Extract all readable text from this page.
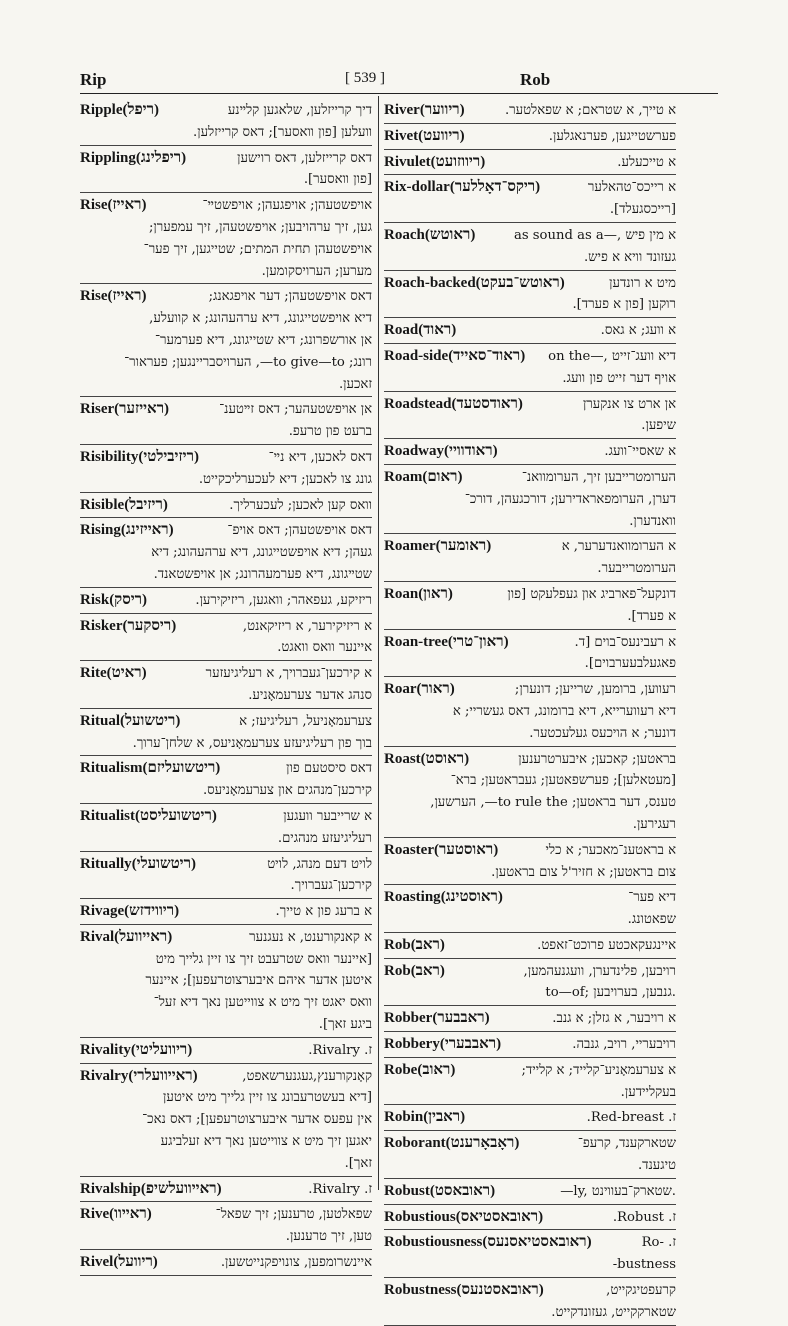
Rip	[ 539 ]	Rob
Ripple (ריפל)	דיך קרייזלען, שלאגען קלײנע
װעלען [פון װאסער]; דאס קרייזלען.
Rippling (ריפלינג)	דאס קרייזלען, דאס רוישען
[פון װאסער].
Rise (ראייז)	אויפשטעהן; אויפגעהן; אויפשטײ־
גען, זיך ערהויבען; אויפשטעהן, זיך עמפערן;
אויפשטעהן תחית המתים; שטייגען, זיך פער־
מערען; הערויסקומען.
Rise (ראייז)	דאס אויפשטעהן; דער אויפגאנג;
דיא אויפשטייגונג, דיא ערהעהונג; א קוועלע,
אן אורשפרונג; דיא שטייגונג, דיא פערמער־
רונג; to give—to—, הערויסבריינגען; פעראור־
זאכען.
Riser (ראייזער)	אן אויפשטעהער; דאס זײטענ־
ברעט פון טרעפ.
Risibility (ריזיבילטי)	דאס לאכען, דיא נײ־
גונג צו לאכען; דיא לעכערליכקייט.
Risible (ריזיבל)	וואס קען לאכען; לעכערליך.
Rising (ראייזינג)	דאס אויפשטעהן; דאס אויפ־
געהן; דיא אויפשטייגונג, דיא ערהעהונג; דיא
שטײגונג, דיא פערמעהרונג; אן אויפשטאנד.
Risk (ריסק)	ריזיקע, געפאהר; וואגען, ריזיקירען.
Risker (ריסקער)	א ריזיקירער, א ריזיקאנט,
איינער וואס וואגט.
Rite (ראיט)	א קירכען־געברויך, א רעליגיעזער
סנהג אדער צערעמאָניע.
Ritual (ריטשועל)	צערעמאָניעל, רעליגיעז; א
בוך פון רעליגיעזע צערעמאָניעס, א שלחן־ערוך.
Ritualism (ריטשועליזם)	דאס סיסטעם פון
קירכען־מנהגים און צערעמאָניעס.
Ritualist (ריטשועליסט)	א שרייבער וועגען
רעליגיעזע מנהגים.
Ritually (ריטשועלי)	לויט דעם מנהג, לויט
קירכען־געברויך.
Rivage (ריווידזש)	א ברעג פון א טייך.
Rival (ראייוועל)	א קאנקורענט, א נעגנער
[איינער וואס שטרעבט זיך צו זיין גלייך מיט
איטען אדער איהם איבערצוטרעפען]; איינער
וואס יאגט זיך מיט א צווייטען נאך דיא זעל־
ביגע זאך].
Rivality (ריוועליטי)	.Rivalry .ז
Rivalry (ראייוועלרי)	קאָנקורענץ,געגנערשאפט,
[דיא בעשטרעבונג צו זיין גלייך מיט איטען
אין עפעס אדער איבערצוטרעפען]; דאס נאכ־
יאגען זיך מיט א צווייטען נאך דיא זעלביגע
זאך].
Rivalship (ראייוועלשיפ)	.Rivalry .ז
Rive (ראייוו)	שפאלטען, טרענען; זיך שפאל־
טען, זיך טרענען.
Rivel (ריוועל)	איינשרומפען, צונויפקנייטשען.
River (ריווער)	א טייך, א שטראם; א שפאלטער.
Rivet (ריוועט)	פערשטייגען, פערנאגלען.
Rivulet (ריווזועט)	א טייכעלע.
Rix-dollar (ריקס־דאָללער)	א רייכס־טהאלער
[רייכסגעלד].
Roach (ראוטש)	as sound as a—, א מין פיש
געזונד וויא א פיש.
Roach-backed (ראוטש־בעקט)	מיט א רונדען
רוקען [פון א פערד].
Road (ראוד)	א וועג; א גאס.
Road-side (ראוד־סאייד)	on the—, דיא וועג־זייט
אויף דער זייט פון וועג.
Roadstead (ראודסטעד)	אן ארט צו אנקערן
שיפען.
Roadway (ראודוויי)	א שאסיי־וועג.
Roam (ראום)	הערומטרייבען זיך, הערומוואנ־
דערן, הערומפאראדירען; דורכגעהן, דורכ־
וואנדערן.
Roamer (ראומער)	א הערומוואנדערער, א
הערומטרייבער.
Roan (ראון)	דונקעל־פארביג און געפלעקט [פון
א פערד].
Roan-tree (ראון־טרי)	א רעבינעס־בוים [ד.
פאגעלבעערבוים].
Roar (ראור)	רעווען, ברומען, שרייען; דונערן;
דיא רעווערייא, דיא ברומונג, דאס געשריי; א
דונער; א הויכעס געלעכטער.
Roast (ראוסט)	בראטען; קאכען; איבערטרענען
[מעטאלען]; פערשפאטען; געבראטען; ברא־
טענס, דער בראטען; to rule the—, הערשען,
רעגירען.
Roaster (ראוסטער)	א בראטענ־מאכער; א כלי
צום בראטען; א חזיר'ל צום בראטען.
Roasting (ראוסטינג)	דיא פער־
שפאטונג.
Rob (ראב)	איינגעקאכטע פרוכט־זאפט.
Rob (ראב)	רויבען, פלינדערן, וועגנעהמען,
to—of; גנבען, בערויבען.
Robber (ראבבער)	א רויבער, א גזלן; א גנב.
Robbery (ראבבערי)	רויבעריי, רויב, גנבה.
Robe (ראוב)	א צערעמאָניע־קלייד; א קלייד;
בעקליידען.
Robin (ראבין)	.Red-breast .ז
Roborant (ראָבאָרענט)	שטארקענד, קרעפ־
טיגענד.
Robust (ראובאסט)	—ly, שטארק־בעווינט.
Robustious (ראובאסטיאס)	.Robust .ז
Robustiousness (ראובאסטיאסנעס)	Ro- .ז
-bustness
Robustness (ראובאסטנעס)	קרעפטיגקייט,
שטארקקייט, געזונדקייט.
